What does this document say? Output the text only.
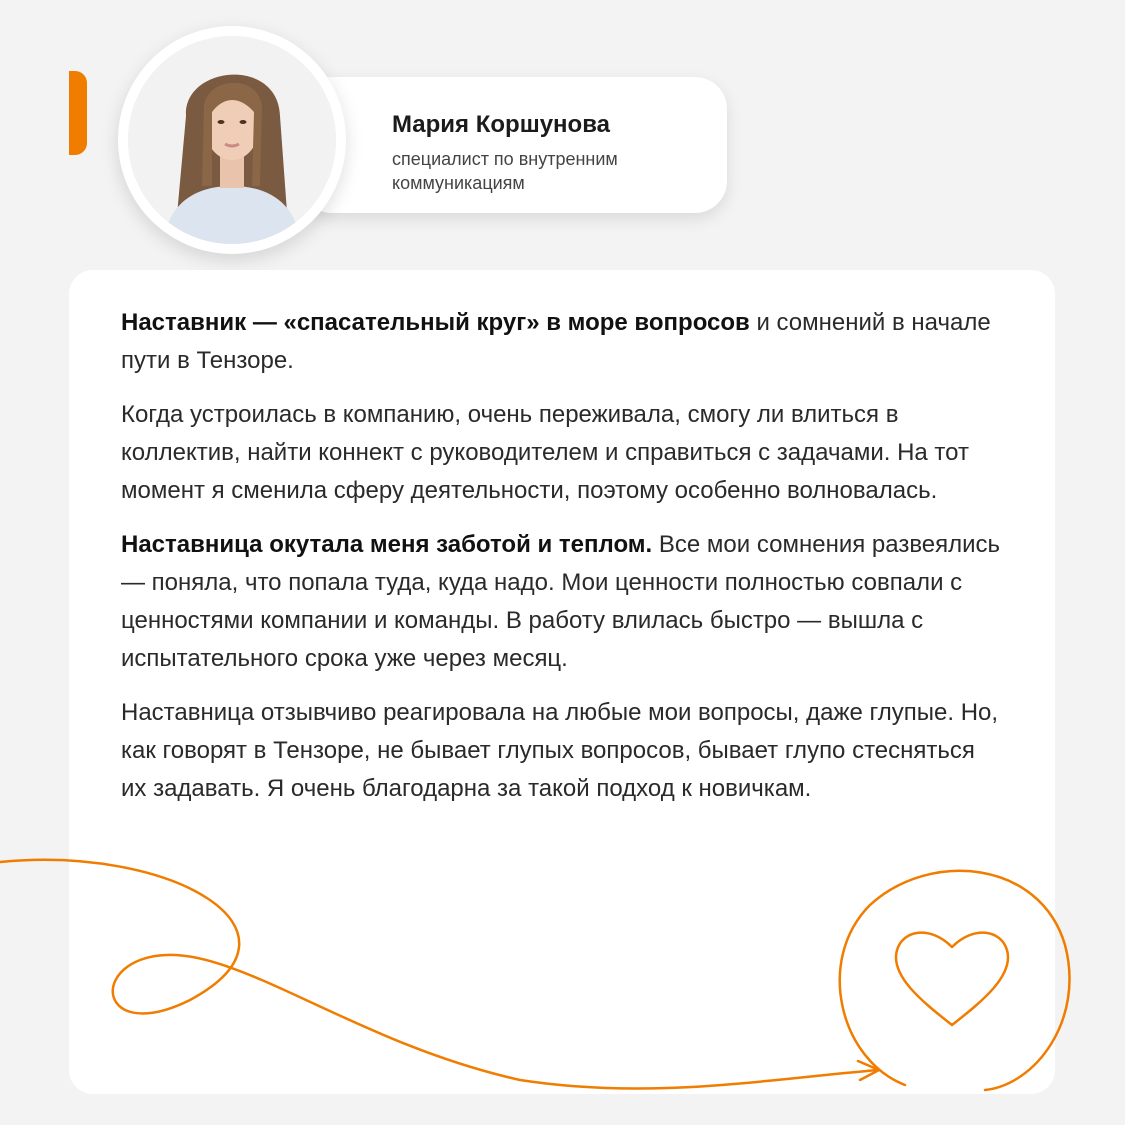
Мария Коршунова

специалист по внутренним коммуникациям

Наставник — «спасательный круг» в море вопросов и сомнений в начале пути в Тензоре.

Когда устроилась в компанию, очень переживала, смогу ли влиться в коллектив, найти коннект с руководителем и справиться с задачами. На тот момент я сменила сферу деятельности, поэтому особенно волновалась.

Наставница окутала меня заботой и теплом. Все мои сомнения развеялись — поняла, что попала туда, куда надо. Мои ценности полностью совпали с ценностями компании и команды. В работу влилась быстро — вышла с испытательного срока уже через месяц.

Наставница отзывчиво реагировала на любые мои вопросы, даже глупые. Но, как говорят в Тензоре, не бывает глупых вопросов, бывает глупо стесняться их задавать. Я очень благодарна за такой подход к новичкам.
